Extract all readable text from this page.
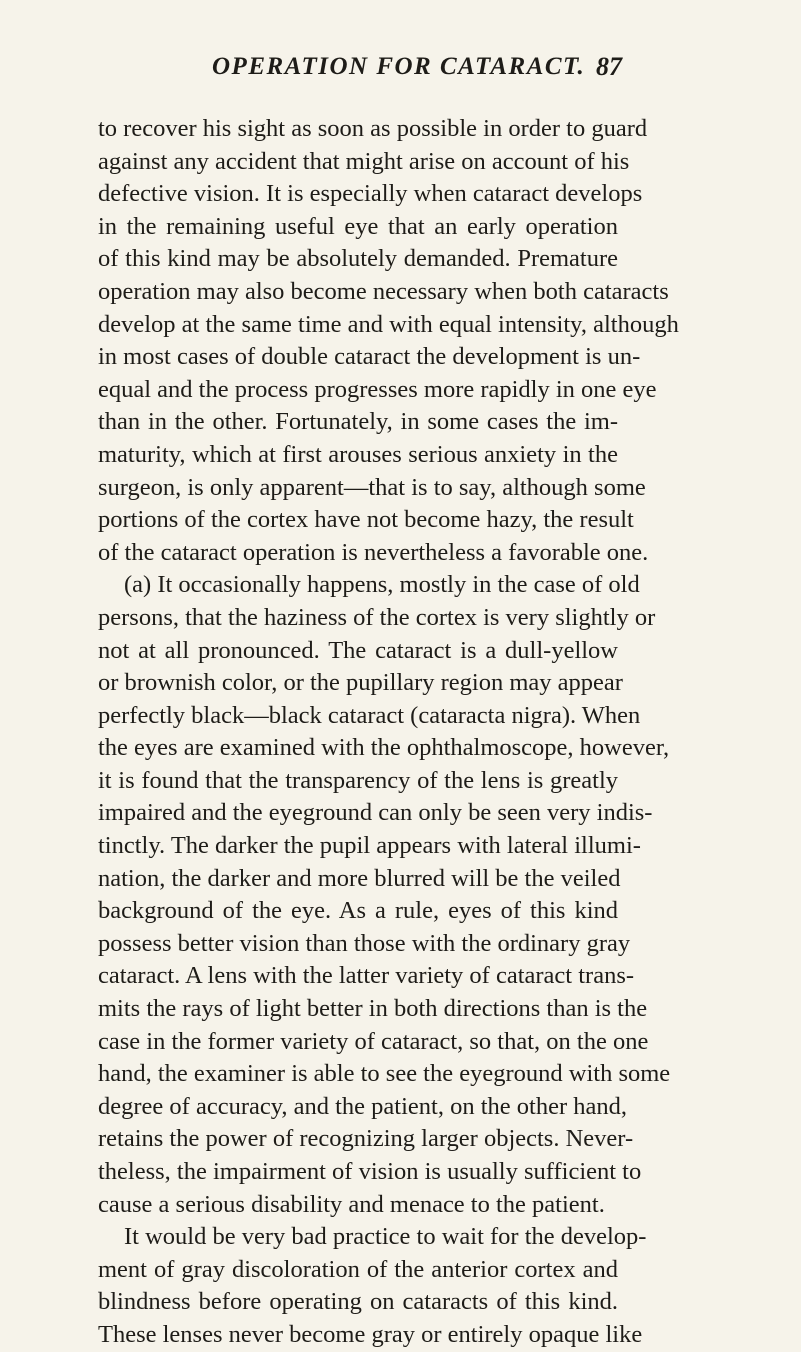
OPERATION FOR CATARACT. 87
to recover his sight as soon as possible in order to guard
against any accident that might arise on account of his
defective vision. It is especially when cataract develops
in the remaining useful eye that an early operation
of this kind may be absolutely demanded. Premature
operation may also become necessary when both cataracts
develop at the same time and with equal intensity, although
in most cases of double cataract the development is un-
equal and the process progresses more rapidly in one eye
than in the other. Fortunately, in some cases the im-
maturity, which at first arouses serious anxiety in the
surgeon, is only apparent—that is to say, although some
portions of the cortex have not become hazy, the result
of the cataract operation is nevertheless a favorable one.
(a) It occasionally happens, mostly in the case of old
persons, that the haziness of the cortex is very slightly or
not at all pronounced. The cataract is a dull-yellow
or brownish color, or the pupillary region may appear
perfectly black—black cataract (cataracta nigra). When
the eyes are examined with the ophthalmoscope, however,
it is found that the transparency of the lens is greatly
impaired and the eyeground can only be seen very indis-
tinctly. The darker the pupil appears with lateral illumi-
nation, the darker and more blurred will be the veiled
background of the eye. As a rule, eyes of this kind
possess better vision than those with the ordinary gray
cataract. A lens with the latter variety of cataract trans-
mits the rays of light better in both directions than is the
case in the former variety of cataract, so that, on the one
hand, the examiner is able to see the eyeground with some
degree of accuracy, and the patient, on the other hand,
retains the power of recognizing larger objects. Never-
theless, the impairment of vision is usually sufficient to
cause a serious disability and menace to the patient.
It would be very bad practice to wait for the develop-
ment of gray discoloration of the anterior cortex and
blindness before operating on cataracts of this kind.
These lenses never become gray or entirely opaque like
